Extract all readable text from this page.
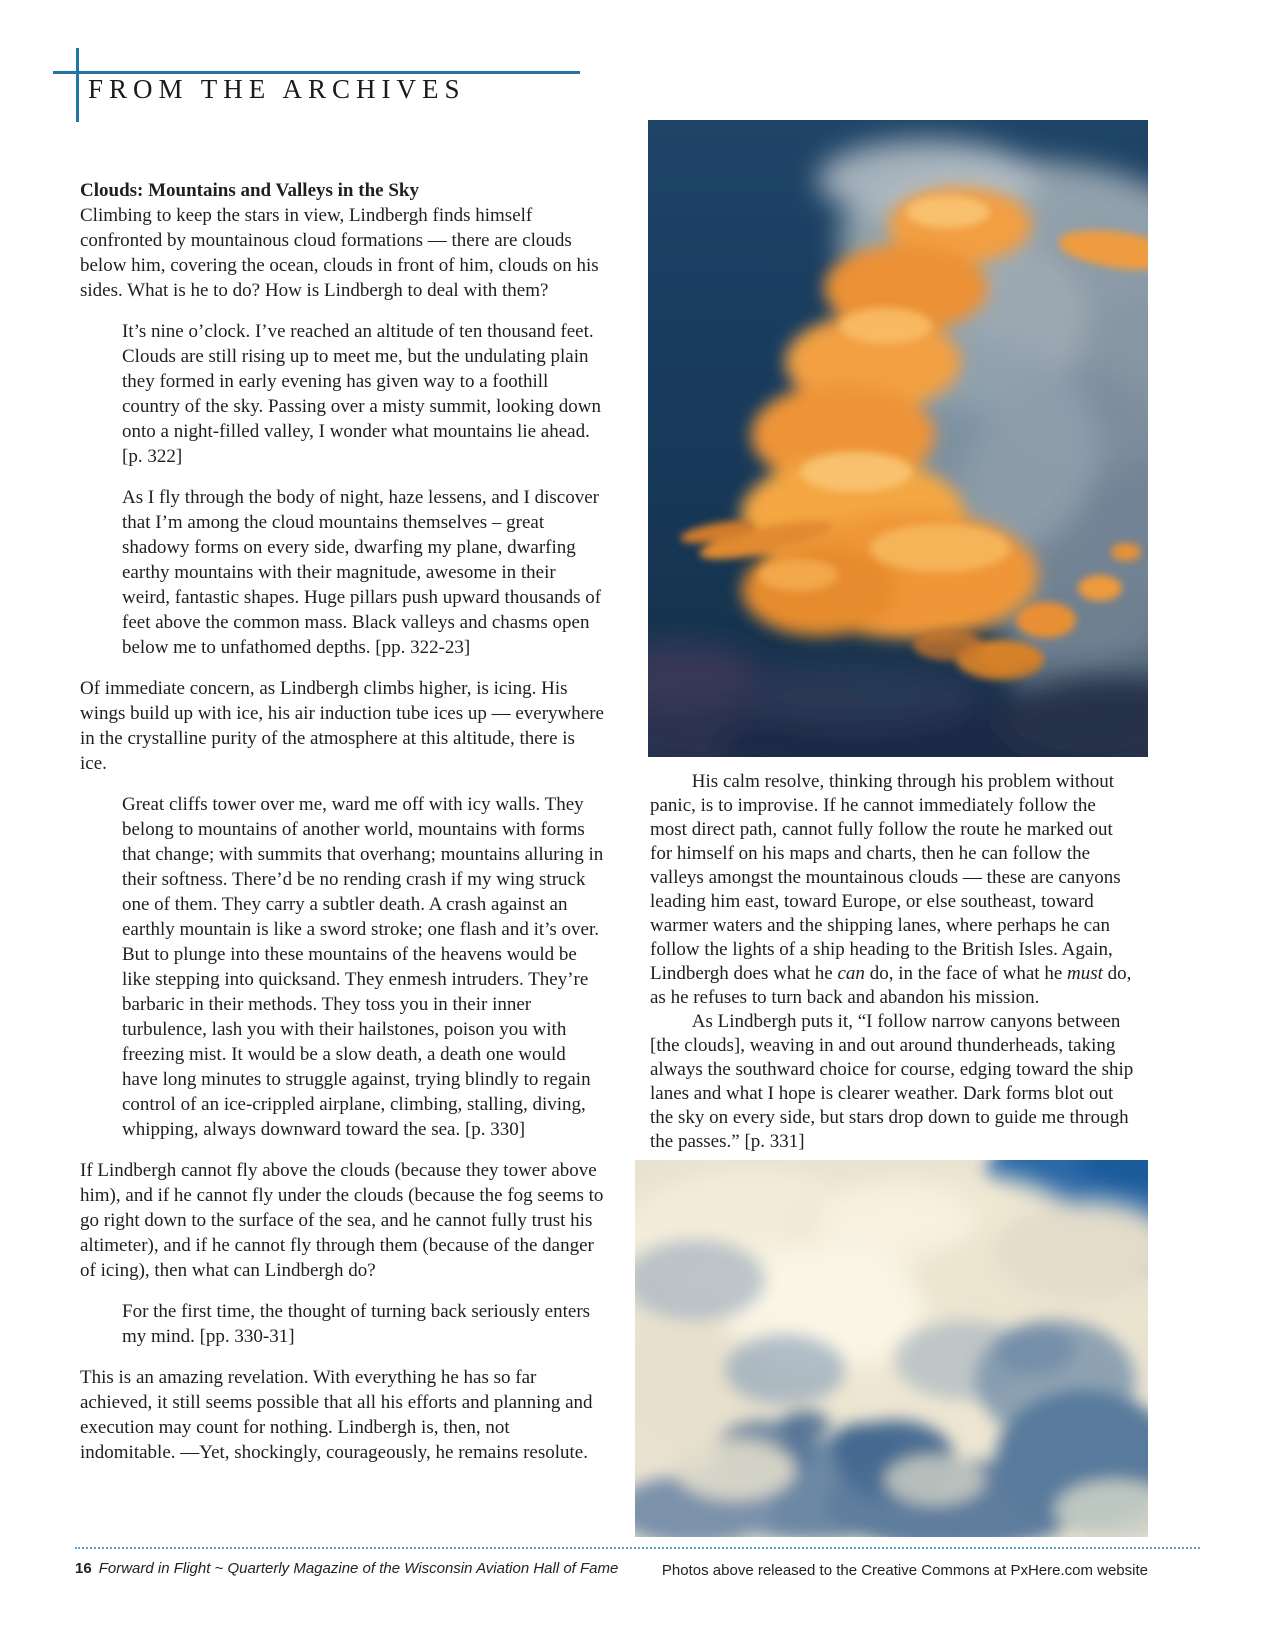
FROM THE ARCHIVES
Clouds: Mountains and Valleys in the Sky

Climbing to keep the stars in view, Lindbergh finds himself confronted by mountainous cloud formations — there are clouds below him, covering the ocean, clouds in front of him, clouds on his sides. What is he to do? How is Lindbergh to deal with them?

It’s nine o’clock. I’ve reached an altitude of ten thousand feet. Clouds are still rising up to meet me, but the undulating plain they formed in early evening has given way to a foothill country of the sky. Passing over a misty summit, looking down onto a night-filled valley, I wonder what mountains lie ahead. [p. 322]
As I fly through the body of night, haze lessens, and I discover that I’m among the cloud mountains themselves – great shadowy forms on every side, dwarfing my plane, dwarfing earthy mountains with their magnitude, awesome in their weird, fantastic shapes. Huge pillars push upward thousands of feet above the common mass. Black valleys and chasms open below me to unfathomed depths. [pp. 322-23]

Of immediate concern, as Lindbergh climbs higher, is icing. His wings build up with ice, his air induction tube ices up — everywhere in the crystalline purity of the atmosphere at this altitude, there is ice.

Great cliffs tower over me, ward me off with icy walls. They belong to mountains of another world, mountains with forms that change; with summits that overhang; mountains alluring in their softness. There’d be no rending crash if my wing struck one of them. They carry a subtler death. A crash against an earthly mountain is like a sword stroke; one flash and it’s over. But to plunge into these mountains of the heavens would be like stepping into quicksand. They enmesh intruders. They’re barbaric in their methods. They toss you in their inner turbulence, lash you with their hailstones, poison you with freezing mist. It would be a slow death, a death one would have long minutes to struggle against, trying blindly to regain control of an ice-crippled airplane, climbing, stalling, diving, whipping, always downward toward the sea. [p. 330]

If Lindbergh cannot fly above the clouds (because they tower above him), and if he cannot fly under the clouds (because the fog seems to go right down to the surface of the sea, and he cannot fully trust his altimeter), and if he cannot fly through them (because of the danger of icing), then what can Lindbergh do?

For the first time, the thought of turning back seriously enters my mind. [pp. 330-31]

This is an amazing revelation. With everything he has so far achieved, it still seems possible that all his efforts and planning and execution may count for nothing. Lindbergh is, then, not indomitable. —Yet, shockingly, courageously, he remains resolute.

His calm resolve, thinking through his problem without panic, is to improvise. If he cannot immediately follow the most direct path, cannot fully follow the route he marked out for himself on his maps and charts, then he can follow the valleys amongst the mountainous clouds — these are canyons leading him east, toward Europe, or else southeast, toward warmer waters and the shipping lanes, where perhaps he can follow the lights of a ship heading to the British Isles. Again, Lindbergh does what he can do, in the face of what he must do, as he refuses to turn back and abandon his mission.

As Lindbergh puts it, “I follow narrow canyons between [the clouds], weaving in and out around thunderheads, taking always the southward choice for course, edging toward the ship lanes and what I hope is clearer weather. Dark forms blot out the sky on every side, but stars drop down to guide me through the passes.” [p. 331]

16 Forward in Flight ~ Quarterly Magazine of the Wisconsin Aviation Hall of Fame	Photos above released to the Creative Commons at PxHere.com website
